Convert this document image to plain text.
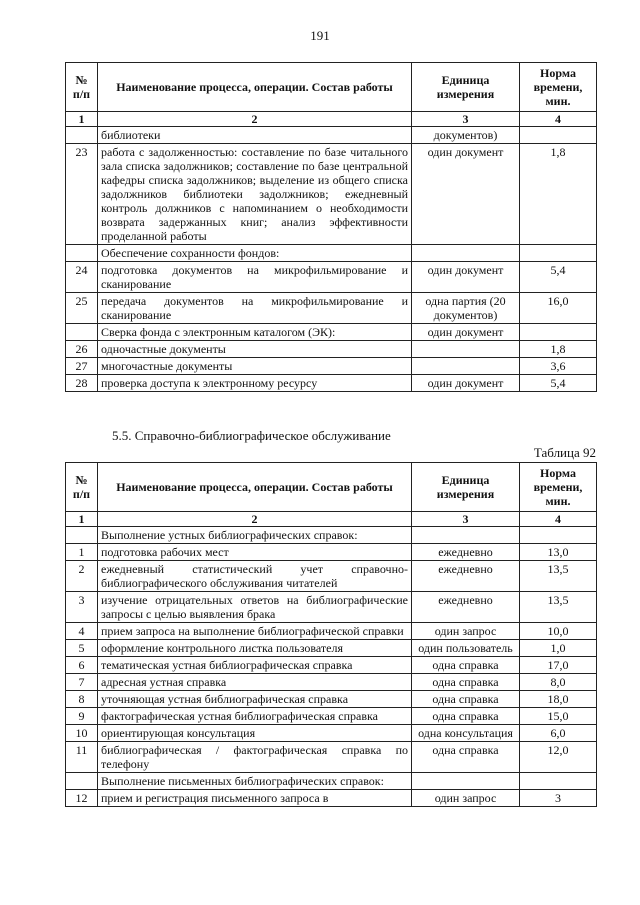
191
№ п/п	Наименование процесса, операции. Состав работы	Единица измерения	Норма времени, мин.
1	2	3	4
	библиотеки	документов)	
23	работа с задолженностью: составление по базе читального зала списка задолжников; составление по базе центральной кафедры списка задолжников; выделение из общего списка задолжников библиотеки задолжников; ежедневный контроль должников с напоминанием о необходимости возврата задержанных книг; анализ эффективности проделанной работы	один документ	1,8
	Обеспечение сохранности фондов:		
24	подготовка документов на микрофильмирование и сканирование	один документ	5,4
25	передача документов на микрофильмирование и сканирование	одна партия (20 документов)	16,0
	Сверка фонда с электронным каталогом (ЭК):	один документ	
26	одночастные документы		1,8
27	многочастные документы		3,6
28	проверка доступа к электронному ресурсу	один документ	5,4
5.5. Справочно-библиографическое обслуживание
Таблица 92
№ п/п	Наименование процесса, операции. Состав работы	Единица измерения	Норма времени, мин.
1	2	3	4
	Выполнение устных библиографических справок:		
1	подготовка рабочих мест	ежедневно	13,0
2	ежедневный статистический учет справочно-библиографического обслуживания читателей	ежедневно	13,5
3	изучение отрицательных ответов на библиографические запросы с целью выявления брака	ежедневно	13,5
4	прием запроса на выполнение библиографической справки	один запрос	10,0
5	оформление контрольного листка пользователя	один пользователь	1,0
6	тематическая устная библиографическая справка	одна справка	17,0
7	адресная устная справка	одна справка	8,0
8	уточняющая устная библиографическая справка	одна справка	18,0
9	фактографическая устная библиографическая справка	одна справка	15,0
10	ориентирующая консультация	одна консультация	6,0
11	библиографическая / фактографическая справка по телефону	одна справка	12,0
	Выполнение письменных библиографических справок:		
12	прием и регистрация письменного запроса в	один запрос	3
